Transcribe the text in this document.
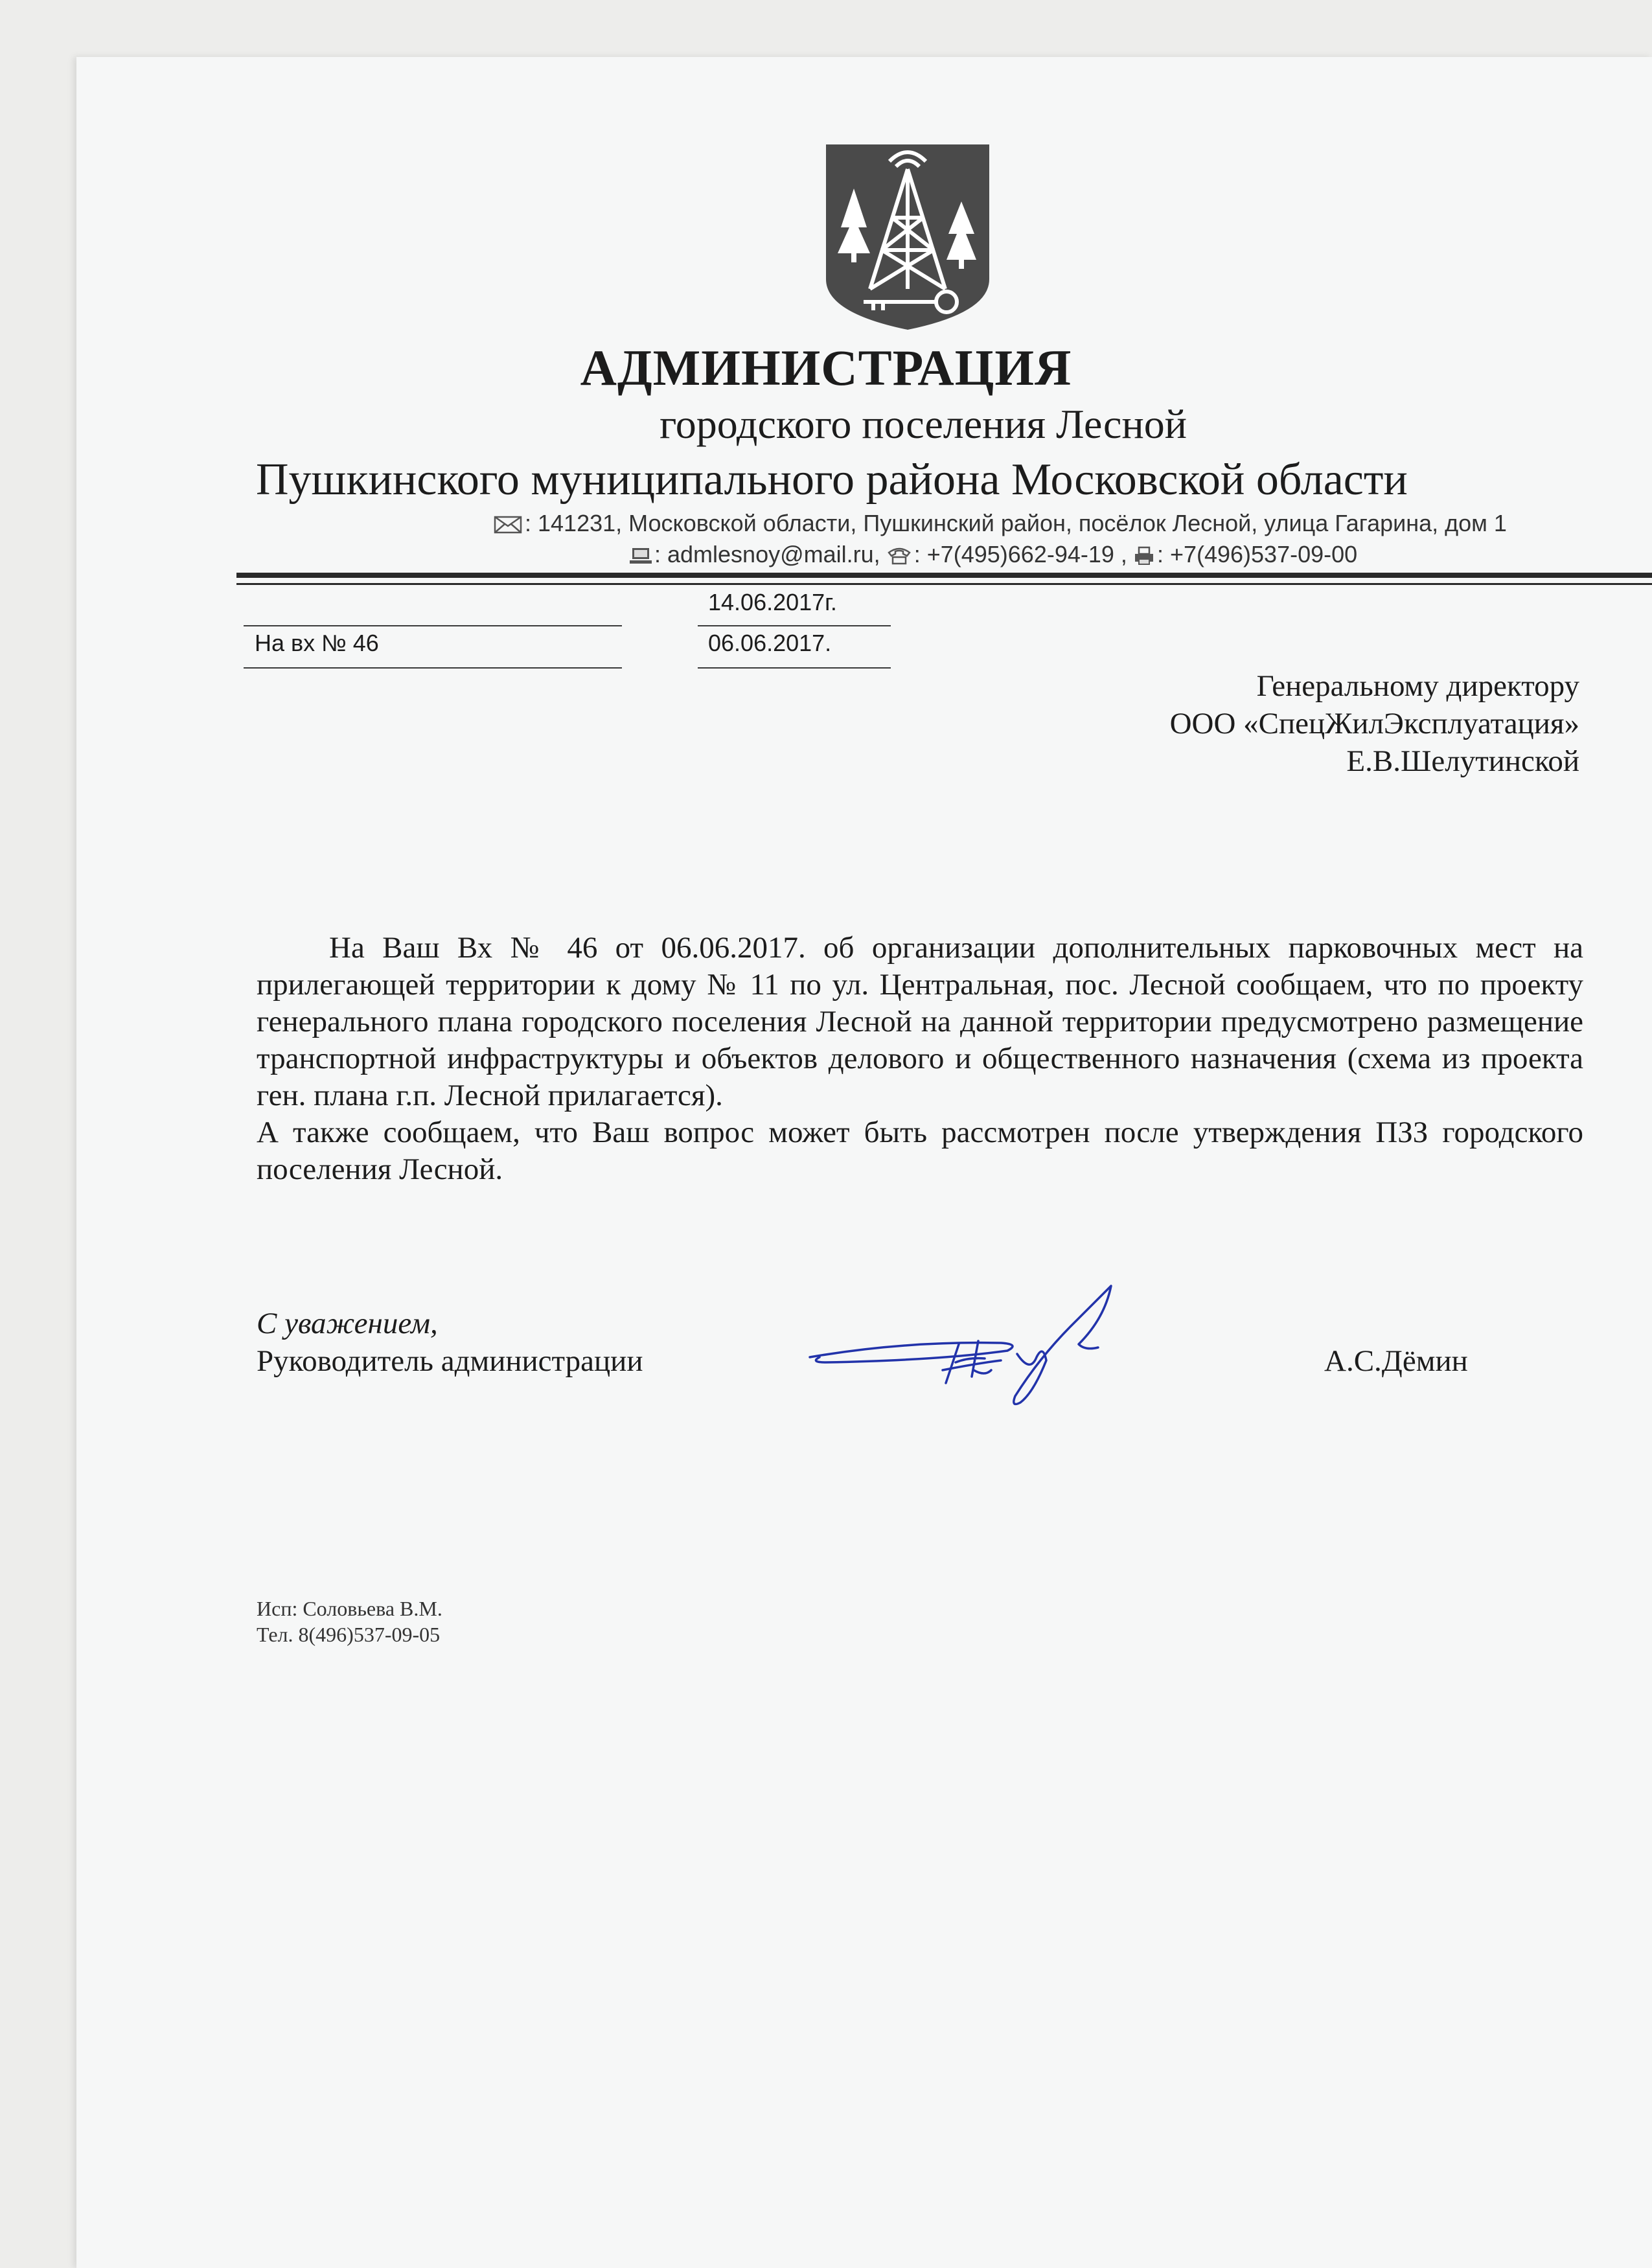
АДМИНИСТРАЦИЯ
городского поселения Лесной
Пушкинского муниципального района Московской области
: 141231, Московской области, Пушкинский район, посёлок Лесной, улица Гагарина, дом 1
: admlesnoy@mail.ru, : +7(495)662-94-19 , : +7(496)537-09-00
14.06.2017г.
На вх № 46	06.06.2017.
Генеральному директору
ООО «СпецЖилЭксплуатация»
Е.В.Шелутинской

На Ваш Вх № 46 от 06.06.2017. об организации дополнительных парковочных мест на прилегающей территории к дому № 11 по ул. Центральная, пос. Лесной сообщаем, что по проекту генерального плана городского поселения Лесной на данной территории предусмотрено размещение транспортной инфраструктуры и объектов делового и общественного назначения (схема из проекта ген. плана г.п. Лесной прилагается).

А также сообщаем, что Ваш вопрос может быть рассмотрен после утверждения ПЗЗ городского поселения Лесной.

С уважением,
Руководитель администрации	А.С.Дёмин
Исп: Соловьева В.М.
Тел. 8(496)537-09-05
